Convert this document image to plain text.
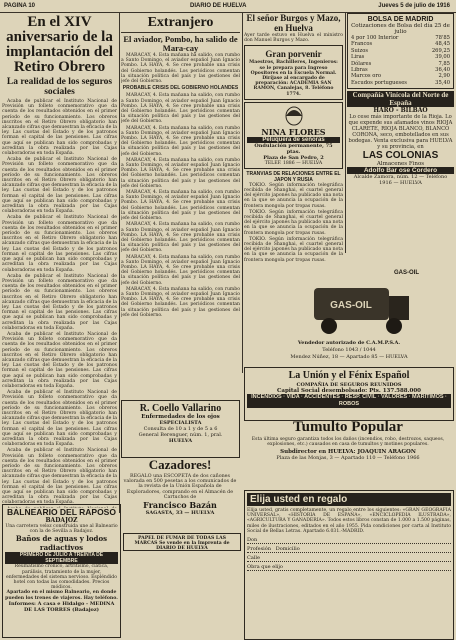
PAGINA 10	DIARIO DE HUELVA	Jueves 5 de julio de 1916
En el XIV aniversario de la implantación del Retiro Obrero
La realidad de los seguros sociales

Acaba de publicar el Instituto Nacional de Previsión un folleto conmemorativo que da cuenta de los resultados obtenidos en el primer período de su funcionamiento. Los obreros inscritos en el Retiro Obrero obligatorio han alcanzado cifras que demuestran la eficacia de la ley. Las cuotas del Estado y de los patronos forman el capital de las pensiones. Las cifras que aquí se publican han sido comprobadas y acreditan la obra realizada por las Cajas colaboradoras en toda España.

Acaba de publicar el Instituto Nacional de Previsión un folleto conmemorativo que da cuenta de los resultados obtenidos en el primer período de su funcionamiento. Los obreros inscritos en el Retiro Obrero obligatorio han alcanzado cifras que demuestran la eficacia de la ley. Las cuotas del Estado y de los patronos forman el capital de las pensiones. Las cifras que aquí se publican han sido comprobadas y acreditan la obra realizada por las Cajas colaboradoras en toda España.

Acaba de publicar el Instituto Nacional de Previsión un folleto conmemorativo que da cuenta de los resultados obtenidos en el primer período de su funcionamiento. Los obreros inscritos en el Retiro Obrero obligatorio han alcanzado cifras que demuestran la eficacia de la ley. Las cuotas del Estado y de los patronos forman el capital de las pensiones. Las cifras que aquí se publican han sido comprobadas y acreditan la obra realizada por las Cajas colaboradoras en toda España.

Acaba de publicar el Instituto Nacional de Previsión un folleto conmemorativo que da cuenta de los resultados obtenidos en el primer período de su funcionamiento. Los obreros inscritos en el Retiro Obrero obligatorio han alcanzado cifras que demuestran la eficacia de la ley. Las cuotas del Estado y de los patronos forman el capital de las pensiones. Las cifras que aquí se publican han sido comprobadas y acreditan la obra realizada por las Cajas colaboradoras en toda España.

Acaba de publicar el Instituto Nacional de Previsión un folleto conmemorativo que da cuenta de los resultados obtenidos en el primer período de su funcionamiento. Los obreros inscritos en el Retiro Obrero obligatorio han alcanzado cifras que demuestran la eficacia de la ley. Las cuotas del Estado y de los patronos forman el capital de las pensiones. Las cifras que aquí se publican han sido comprobadas y acreditan la obra realizada por las Cajas colaboradoras en toda España.

Acaba de publicar el Instituto Nacional de Previsión un folleto conmemorativo que da cuenta de los resultados obtenidos en el primer período de su funcionamiento. Los obreros inscritos en el Retiro Obrero obligatorio han alcanzado cifras que demuestran la eficacia de la ley. Las cuotas del Estado y de los patronos forman el capital de las pensiones. Las cifras que aquí se publican han sido comprobadas y acreditan la obra realizada por las Cajas colaboradoras en toda España.

Acaba de publicar el Instituto Nacional de Previsión un folleto conmemorativo que da cuenta de los resultados obtenidos en el primer período de su funcionamiento. Los obreros inscritos en el Retiro Obrero obligatorio han alcanzado cifras que demuestran la eficacia de la ley. Las cuotas del Estado y de los patronos forman el capital de las pensiones. Las cifras que aquí se publican han sido comprobadas y acreditan la obra realizada por las Cajas colaboradoras en toda España.

Extranjero
El aviador, Pombo, ha salido de Mara-cay

MARACAY, 4. Esta mañana ha salido, con rumbo a Santo Domingo, el aviador español Juan Ignacio Pombo. LA HAYA, 4. Se cree probable una crisis del Gobierno holandés. Los periódicos comentan la situación política del país y las gestiones del jefe del Gobierno.

PROBABLE CRISIS DEL GOBIERNO HOLANDES

MARACAY, 4. Esta mañana ha salido, con rumbo a Santo Domingo, el aviador español Juan Ignacio Pombo. LA HAYA, 4. Se cree probable una crisis del Gobierno holandés. Los periódicos comentan la situación política del país y las gestiones del jefe del Gobierno.

MARACAY, 4. Esta mañana ha salido, con rumbo a Santo Domingo, el aviador español Juan Ignacio Pombo. LA HAYA, 4. Se cree probable una crisis del Gobierno holandés. Los periódicos comentan la situación política del país y las gestiones del jefe del Gobierno.

MARACAY, 4. Esta mañana ha salido, con rumbo a Santo Domingo, el aviador español Juan Ignacio Pombo. LA HAYA, 4. Se cree probable una crisis del Gobierno holandés. Los periódicos comentan la situación política del país y las gestiones del jefe del Gobierno.

MARACAY, 4. Esta mañana ha salido, con rumbo a Santo Domingo, el aviador español Juan Ignacio Pombo. LA HAYA, 4. Se cree probable una crisis del Gobierno holandés. Los periódicos comentan la situación política del país y las gestiones del jefe del Gobierno.

MARACAY, 4. Esta mañana ha salido, con rumbo a Santo Domingo, el aviador español Juan Ignacio Pombo. LA HAYA, 4. Se cree probable una crisis del Gobierno holandés. Los periódicos comentan la situación política del país y las gestiones del jefe del Gobierno.

MARACAY, 4. Esta mañana ha salido, con rumbo a Santo Domingo, el aviador español Juan Ignacio Pombo. LA HAYA, 4. Se cree probable una crisis del Gobierno holandés. Los periódicos comentan la situación política del país y las gestiones del jefe del Gobierno.

MARACAY, 4. Esta mañana ha salido, con rumbo a Santo Domingo, el aviador español Juan Ignacio Pombo. LA HAYA, 4. Se cree probable una crisis del Gobierno holandés. Los periódicos comentan la situación política del país y las gestiones del jefe del Gobierno.

R. Coello Vallarino
Enfermedades de los ojos
ESPECIALISTA
Consulta de 10 a 1 y de 5 a 6
General Berenguer, núm. 1, pral.
HUELVA
Cazadores!
REGALO una ESCOPETA de dos cañones valorada en 500 pesetas a los comunicados de la revista de la Unión Española de Exploradores, comprando en el Almacén de Cartuchos de
Francisco Bazán
SAGASTA, 33 — HUELVA
El señor Burgos y Mazo, en Huelva
Ayer tarde estuvo en Huelva el ministro don Manuel Burgos y Mazo.
Gran porvenir
Maestros, Bachilleres, Ingenieros: se le prepara para Ingreso Opositores en la Escuela Normal. Diríjase al encargado de preparación: ACADEMIA SAN RAMON, Canalejas, 8. Teléfono 1774.
NINA FLORES
Peluquera de señoras
Ondulación permanente, 75 ptas.
Plaza de San Pedro, 2
TELEF. 1886 — HUELVA
TRANVIAS DE RELACIONES ENTRE EL JAPON Y RUSIA

TOKIO. Según información telegráfica recibida de Shanghai, el cuartel general del ejército japonés ha publicado una nota en la que se anuncia la ocupación de la frontera mongola por tropas rusas.

TOKIO. Según información telegráfica recibida de Shanghai, el cuartel general del ejército japonés ha publicado una nota en la que se anuncia la ocupación de la frontera mongola por tropas rusas.

TOKIO. Según información telegráfica recibida de Shanghai, el cuartel general del ejército japonés ha publicado una nota en la que se anuncia la ocupación de la frontera mongola por tropas rusas.

BOLSA DE MADRID
Cotizaciones de Bolsa del día 25 de julio
4 por 100 Interior	78'85
Francos	48,45
Suizos	269,25
Liras	39,00
Dólares	7,85
Libras	36,40
Marcos oro	2,90
Escudos portugueses	35,40
Compañía Vinícola del Norte de España
HARO - BILBAO
Lo cese más importante de la Rioja. Lo que expende sus afamados vinos RIOJA CLARETE, RIOJA BLANCO, BLANCO CORONA, seco, embotellados en sus bodegas. Venta exclusiva para HUELVA y su provincia, en
LAS COLONIAS
Almacenes Finos
Adolfo Bar ose Cordero
Alcalde Zamora, núm. 12 — Teléfono 1916 — HUELVA
GAS-OIL
GAS-OIL
Vendedor autorizado de C.A.M.P.S.A.
Teléfono 1043 / 1044
Mendez Núñez, 18 — Apartado 85 — HUELVA
La Unión y el Fénix Español
COMPAÑIA DE SEGUROS REUNIDOS
Capital Social desembolsado: Pts. 137.588.000
INCENDIOS · VIDA · ACCIDENTES · RESP. CIVIL · VALORES · MARITIMOS · ROBOS
Tumulto Popular
Esta última seguro garantiza todos los daños (incendios, robo, destrozos, saqueos, explosiones, etc.) causados en casa de tumultos y motines populares.
Subdirector en HUELVA: JOAQUIN ARAGON
Plaza de las Monjas, 3 — Apartado 110 — Teléfono 1966
PAPEL DE FUMAR DE TODAS LAS MARCAS Se vende en la Imprenta de DIARIO DE HUELVA
BALNEARIO DEL RAPOSO
BADAJOZ
Una carretera veloz construida une al Balneario con la de Sevilla a Badajoz.
Baños de aguas y lodos radiactivos
PRIMERO DE JULIO A TREINTA DE SEPTIEMBRE
Reumatismo crónico, artritismo, ciática, parálisis, tratamiento de la mujer, enfermedades del sistema nervioso. Espléndido hotel con todas las comodidades. Precios módicos.
Apartado en el mismo Balneario, en donde pueden los trenes de viajeros. Hay teléfono.
Informes: A casa e Hidalgo - MEDINA DE LAS TORRES (Badajoz)
Elija usted en regalo
Elija usted, gratis completamente, un regalo entre los siguientes: «GRAN GEOGRAFIA UNIVERSAL», «HISTORIA DE ESPAÑA», «ENCICLOPEDIA ILUSTRADA», «AGRICULTURA Y GANADERIA». Todos estos libros constan de 1.000 a 1.500 páginas, miles de ilustraciones, editados en el año 1955. Pida condiciones por carta al Instituto Social de Bellas Letras. Apartado 6.031.-MADRID.
Don
Profesión Domicilio
Calle
Obra que elijo
